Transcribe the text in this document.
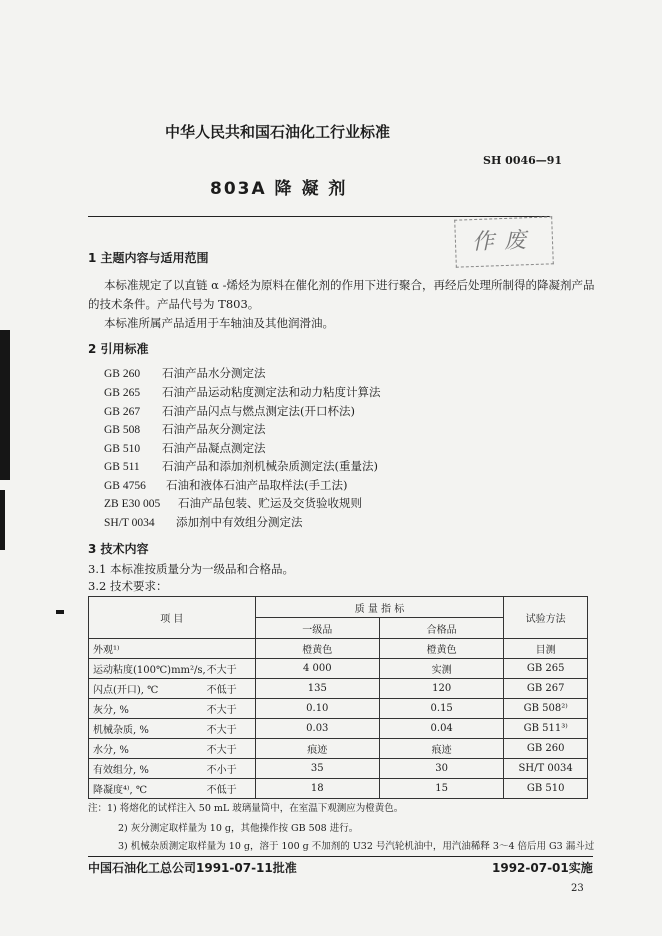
中华人民共和国石油化工行业标准
SH 0046—91
803A 降 凝 剂
作废
1 主题内容与适用范围
本标准规定了以直链 α -烯烃为原料在催化剂的作用下进行聚合，再经后处理所制得的降凝剂产品
的技术条件。产品代号为 T803。
本标准所属产品适用于车轴油及其他润滑油。
2 引用标准
GB 260 石油产品水分测定法
GB 265 石油产品运动粘度测定法和动力粘度计算法
GB 267 石油产品闪点与燃点测定法(开口杯法)
GB 508 石油产品灰分测定法
GB 510 石油产品凝点测定法
GB 511 石油产品和添加剂机械杂质测定法(重量法)
GB 4756 石油和液体石油产品取样法(手工法)
ZB E30 005 石油产品包装、贮运及交货验收规则
SH/T 0034 添加剂中有效组分测定法
3 技术内容
3.1 本标准按质量分为一级品和合格品。
3.2 技术要求：
项 目	质 量 指 标		试验方法
	一级品	合格品	
外观¹⁾	橙黄色	橙黄色	目测
运动粘度(100℃)mm²/s, 不大于	4 000	实测	GB 265
闪点(开口), ℃ 不低于	135	120	GB 267
灰分, % 不大于	0.10	0.15	GB 508²⁾
机械杂质, % 不大于	0.03	0.04	GB 511³⁾
水分, % 不大于	痕迹	痕迹	GB 260
有效组分, % 不小于	35	30	SH/T 0034
降凝度⁴⁾, ℃ 不低于	18	15	GB 510
注：1) 将熔化的试样注入 50 mL 玻璃量筒中，在室温下观测应为橙黄色。
2) 灰分测定取样量为 10 g，其他操作按 GB 508 进行。
3) 机械杂质测定取样量为 10 g，溶于 100 g 不加剂的 U32 号汽轮机油中，用汽油稀释 3～4 倍后用 G3 漏斗过
中国石油化工总公司1991-07-11批准	1992-07-01实施
23
